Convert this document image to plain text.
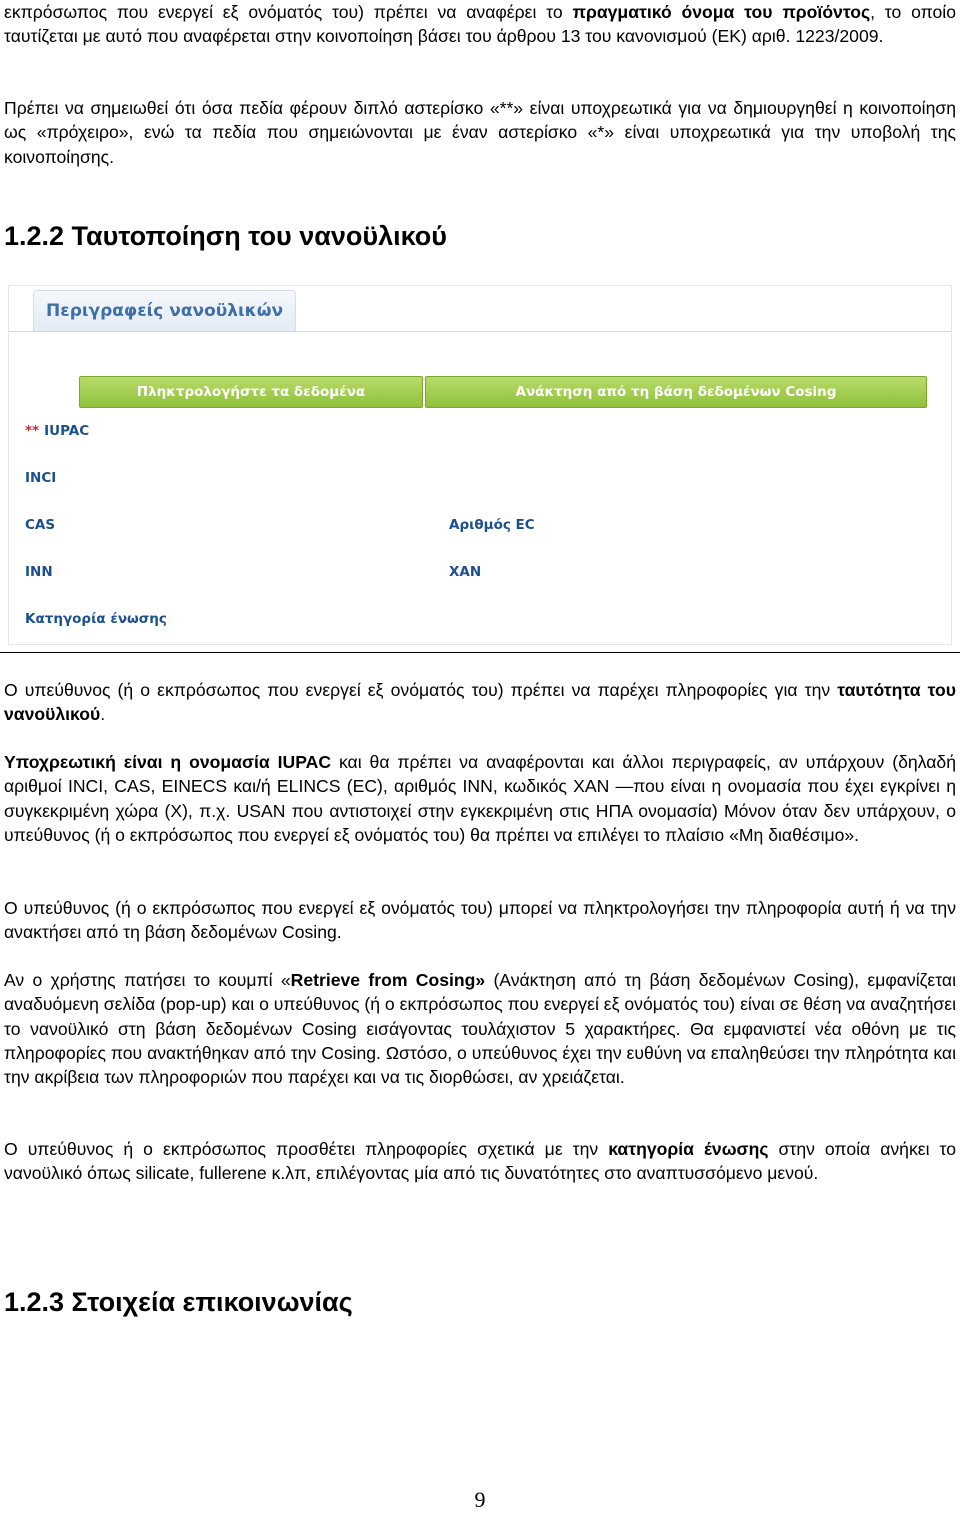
εκπρόσωπος που ενεργεί εξ ονόματός του) πρέπει να αναφέρει το πραγματικό όνομα του προϊόντος, το οποίο ταυτίζεται με αυτό που αναφέρεται στην κοινοποίηση βάσει του άρθρου 13 του κανονισμού (ΕΚ) αριθ. 1223/2009.

Πρέπει να σημειωθεί ότι όσα πεδία φέρουν διπλό αστερίσκο «**» είναι υποχρεωτικά για να δημιουργηθεί η κοινοποίηση ως «πρόχειρο», ενώ τα πεδία που σημειώνονται με έναν αστερίσκο «*» είναι υποχρεωτικά για την υποβολή της κοινοποίησης.

1.2.2 Ταυτοποίηση του νανοϋλικού
Περιγραφείς νανοϋλικών
Πληκτρολογήστε τα δεδομένα	Ανάκτηση από τη βάση δεδομένων Cosing
** IUPAC
INCI
CAS	Αριθμός EC
INN	XAN
Κατηγορία ένωσης

Ο υπεύθυνος (ή ο εκπρόσωπος που ενεργεί εξ ονόματός του) πρέπει να παρέχει πληροφορίες για την ταυτότητα του νανοϋλικού.

Υποχρεωτική είναι η ονομασία IUPAC και θα πρέπει να αναφέρονται και άλλοι περιγραφείς, αν υπάρχουν (δηλαδή αριθμοί INCI, CAS, EINECS και/ή ELINCS (EC), αριθμός INN, κωδικός XAN —που είναι η ονομασία που έχει εγκρίνει η συγκεκριμένη χώρα (X), π.χ. USAN που αντιστοιχεί στην εγκεκριμένη στις ΗΠΑ ονομασία) Μόνον όταν δεν υπάρχουν, ο υπεύθυνος (ή ο εκπρόσωπος που ενεργεί εξ ονόματός του) θα πρέπει να επιλέγει το πλαίσιο «Μη διαθέσιμο».

Ο υπεύθυνος (ή ο εκπρόσωπος που ενεργεί εξ ονόματός του) μπορεί να πληκτρολογήσει την πληροφορία αυτή ή να την ανακτήσει από τη βάση δεδομένων Cosing.

Αν ο χρήστης πατήσει το κουμπί «Retrieve from Cosing» (Ανάκτηση από τη βάση δεδομένων Cosing), εμφανίζεται αναδυόμενη σελίδα (pop-up) και ο υπεύθυνος (ή ο εκπρόσωπος που ενεργεί εξ ονόματός του) είναι σε θέση να αναζητήσει το νανοϋλικό στη βάση δεδομένων Cosing εισάγοντας τουλάχιστον 5 χαρακτήρες. Θα εμφανιστεί νέα οθόνη με τις πληροφορίες που ανακτήθηκαν από την Cosing. Ωστόσο, ο υπεύθυνος έχει την ευθύνη να επαληθεύσει την πληρότητα και την ακρίβεια των πληροφοριών που παρέχει και να τις διορθώσει, αν χρειάζεται.

Ο υπεύθυνος ή ο εκπρόσωπος προσθέτει πληροφορίες σχετικά με την κατηγορία ένωσης στην οποία ανήκει το νανοϋλικό όπως silicate, fullerene κ.λπ, επιλέγοντας μία από τις δυνατότητες στο αναπτυσσόμενο μενού.

1.2.3 Στοιχεία επικοινωνίας
9
